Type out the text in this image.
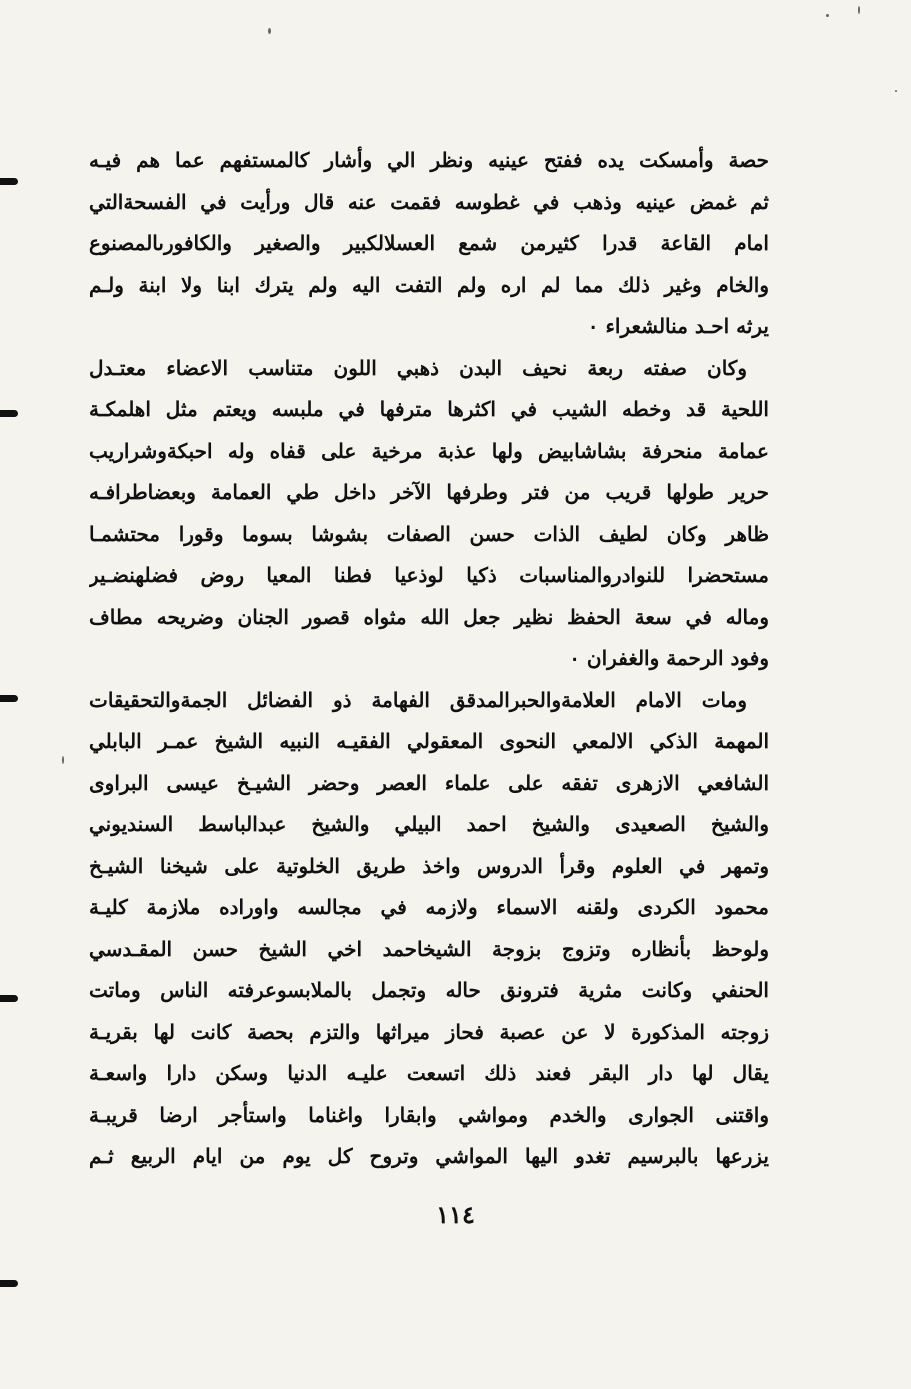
حصة وأمسكت يده ففتح عينيه ونظر الي وأشار كالمستفهم عما هم فيـه
ثم غمض عينيه وذهب في غطوسه فقمت عنه قال ورأيت في الفسحةالتي
امام القاعة قدرا كثيرمن شمع العسلالكبير والصغير والكافورىالمصنوع
والخام وغير ذلك مما لم اره ولم التفت اليه ولم يترك ابنا ولا ابنة ولـم
يرثه احـد منالشعراء ٠
وكان صفته ربعة نحيف البدن ذهبي اللون متناسب الاعضاء معتـدل
اللحية قد وخطه الشيب في اكثرها مترفها في ملبسه ويعتم مثل اهلمكـة
عمامة منحرفة بشاشابيض ولها عذبة مرخية على قفاه وله احبكةوشراريب
حرير طولها قريب من فتر وطرفها الآخر داخل طي العمامة وبعضاطرافـه
ظاهر وكان لطيف الذات حسن الصفات بشوشا بسوما وقورا محتشمـا
مستحضرا للنوادروالمناسبات ذكيا لوذعيا فطنا المعيا روض فضلهنضـير
وماله في سعة الحفظ نظير جعل الله مثواه قصور الجنان وضريحه مطاف
وفود الرحمة والغفران ٠
ومات الامام العلامةوالحبرالمدقق الفهامة ذو الفضائل الجمةوالتحقيقات
المهمة الذكي الالمعي النحوى المعقولي الفقيـه النبيه الشيخ عمـر البابلي
الشافعي الازهرى تفقه على علماء العصر وحضر الشيـخ عيسى البراوى
والشيخ الصعيدى والشيخ احمد البيلي والشيخ عبدالباسط السنديوني
وتمهر في العلوم وقرأ الدروس واخذ طريق الخلوتية على شيخنا الشيـخ
محمود الكردى ولقنه الاسماء ولازمه في مجالسه واوراده ملازمة كليـة
ولوحظ بأنظاره وتزوج بزوجة الشيخاحمد اخي الشيخ حسن المقـدسي
الحنفي وكانت مثرية فترونق حاله وتجمل بالملابسوعرفته الناس وماتت
زوجته المذكورة لا عن عصبة فحاز ميراثها والتزم بحصة كانت لها بقريـة
يقال لها دار البقر فعند ذلك اتسعت عليـه الدنيا وسكن دارا واسعـة
واقتنى الجوارى والخدم ومواشي وابقارا واغناما واستأجر ارضا قريبـة
يزرعها بالبرسيم تغدو اليها المواشي وتروح كل يوم من ايام الربيع ثـم
١١٤
